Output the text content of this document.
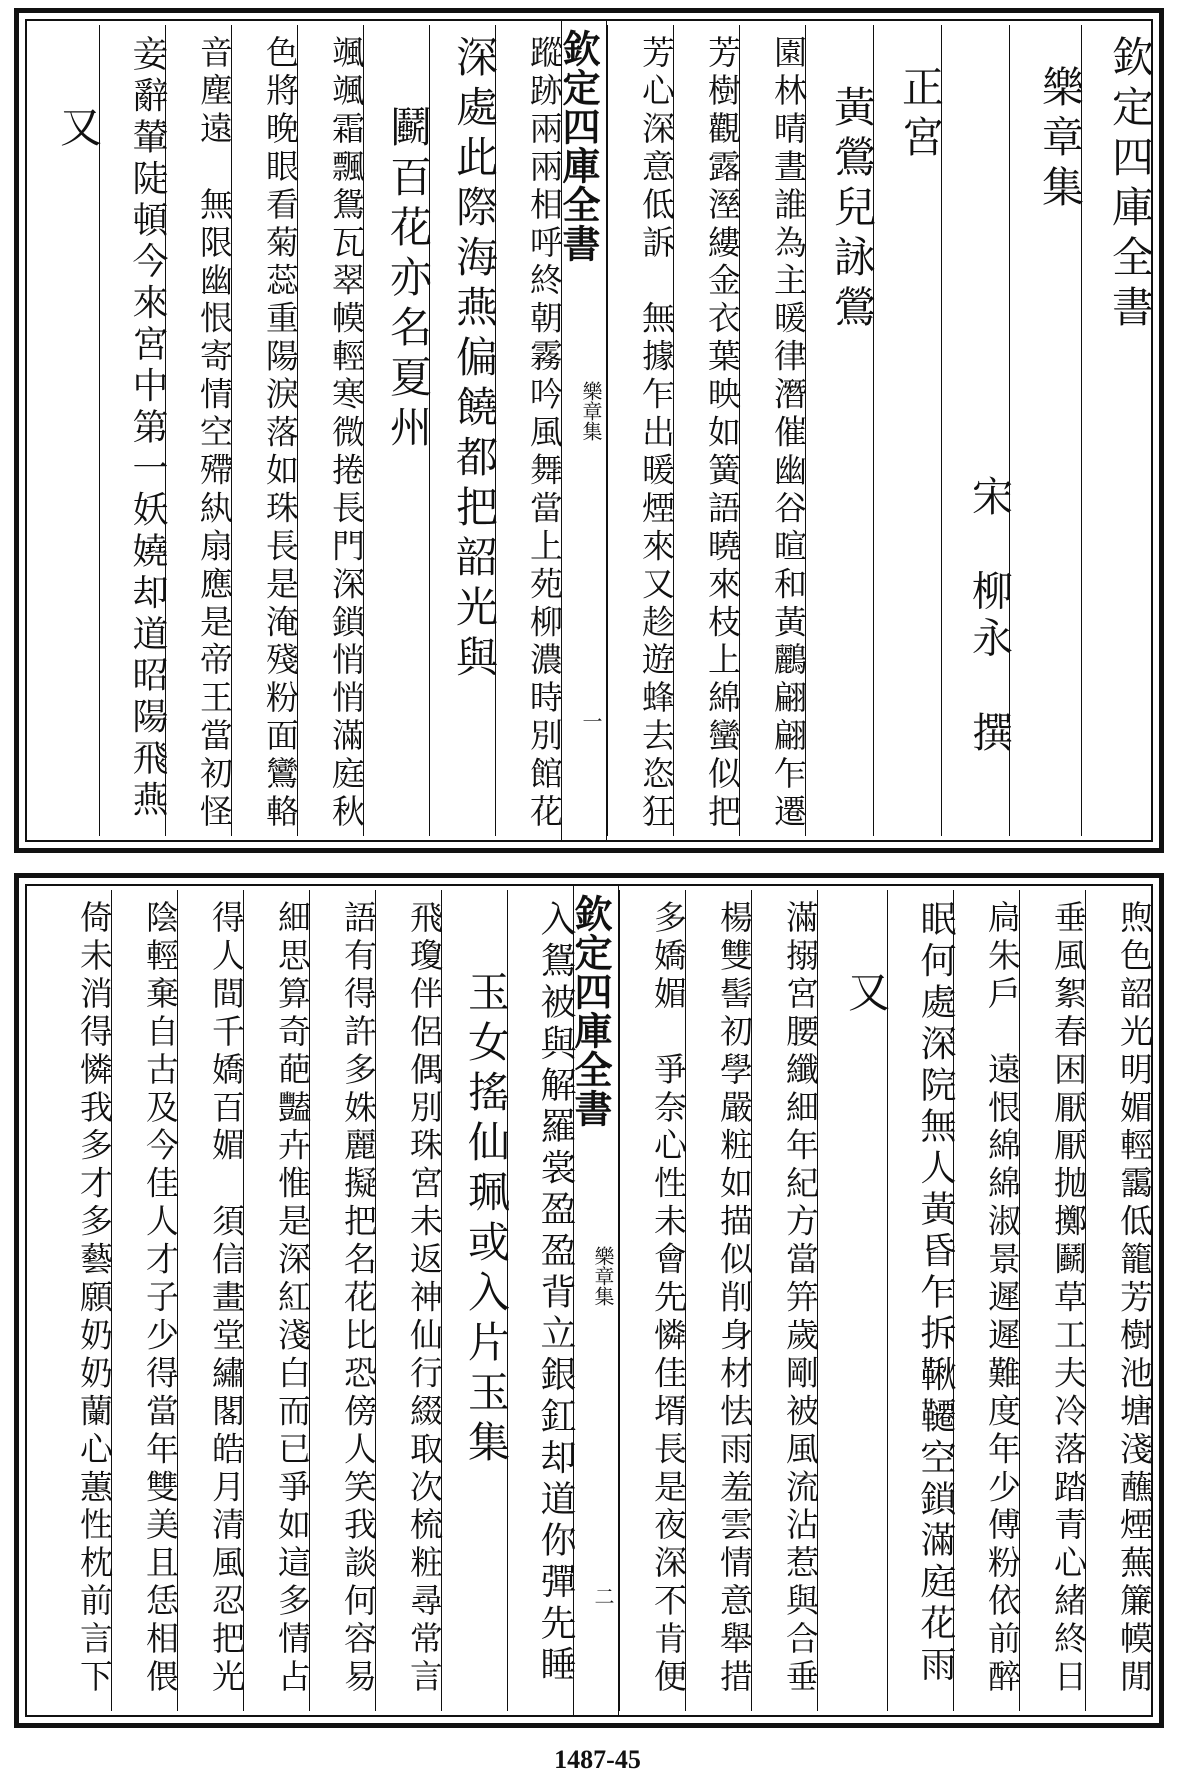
欽定四庫全書
樂章集
宋　柳永　撰
正宮
黃鶯兒詠鶯
園林晴晝誰為主暖律潛催幽谷暄和黃鸝翩翩乍遷
芳樹觀露溼縷金衣葉映如簧語曉來枝上綿蠻似把
芳心深意低訴　無據乍出暖煙來又趁遊蜂去恣狂
欽定四庫全書
樂章集
一
蹤跡兩兩相呼終朝霧吟風舞當上苑柳濃時別館花
深處此際海燕偏饒都把韶光與
鬬百花亦名夏州
颯颯霜飄鴛瓦翠幙輕寒微捲長門深鎖悄悄滿庭秋
色將晚眼看菊蕊重陽淚落如珠長是淹殘粉面鸞輅
音塵遠　無限幽恨寄情空殢紈扇應是帝王當初怪
妾辭輦陡頓今來宮中第一妖嬈却道昭陽飛燕
又
煦色韶光明媚輕靄低籠芳樹池塘淺蘸煙蕪簾幙閒
垂風絮春困厭厭抛擲鬬草工夫冷落踏青心緒終日
扃朱戶　遠恨綿綿淑景遲遲難度年少傅粉依前醉
眠何處深院無人黃昏乍拆鞦韆空鎖滿庭花雨
又
滿搦宮腰纖細年紀方當笄歲剛被風流沾惹與合垂
楊雙髻初學嚴粧如描似削身材怯雨羞雲情意舉措
多嬌媚　爭奈心性未會先憐佳壻長是夜深不肯便
欽定四庫全書
樂章集
二
入鴛被與解羅裳盈盈背立銀釭却道你彈先睡
玉女搖仙珮或入片玉集
飛瓊伴侶偶別珠宮未返神仙行綴取次梳粧尋常言
語有得許多姝麗擬把名花比恐傍人笑我談何容易
細思算奇葩豔卉惟是深紅淺白而已爭如這多情占
得人間千嬌百媚　須信畫堂繡閣皓月清風忍把光
陰輕棄自古及今佳人才子少得當年雙美且恁相偎
倚未消得憐我多才多藝願奶奶蘭心蕙性枕前言下
1487-45
